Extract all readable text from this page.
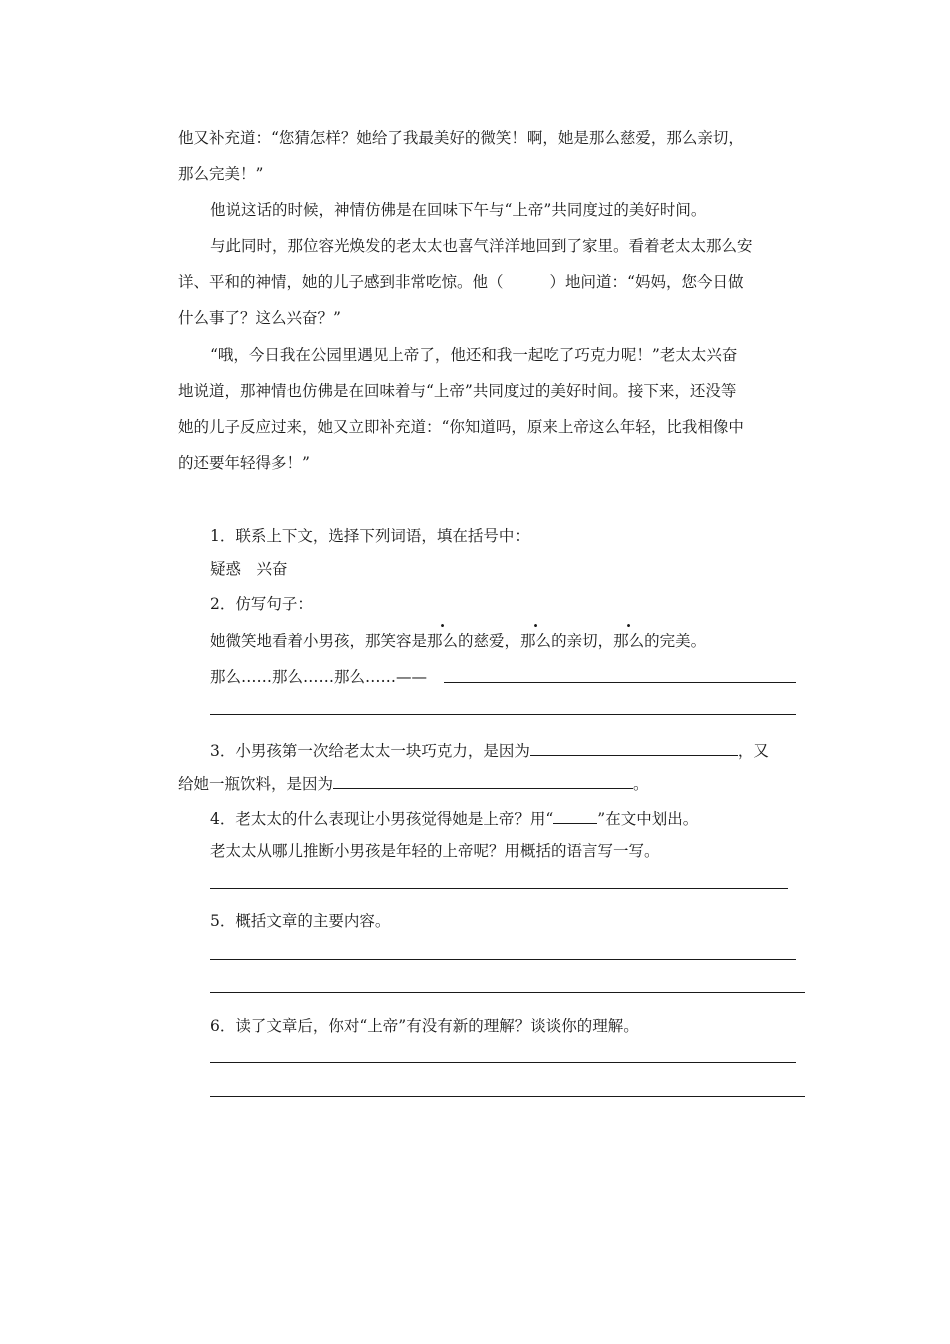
他又补充道：“您猜怎样？她给了我最美好的微笑！啊，她是那么慈爱，那么亲切，
那么完美！”
他说这话的时候，神情仿佛是在回味下午与“上帝”共同度过的美好时间。
与此同时，那位容光焕发的老太太也喜气洋洋地回到了家里。看着老太太那么安
详、平和的神情，她的儿子感到非常吃惊。他（	）地问道：“妈妈，您今日做
什么事了？这么兴奋？”
“哦，今日我在公园里遇见上帝了，他还和我一起吃了巧克力呢！”老太太兴奋
地说道，那神情也仿佛是在回味着与“上帝”共同度过的美好时间。接下来，还没等
她的儿子反应过来，她又立即补充道：“你知道吗，原来上帝这么年轻，比我相像中
的还要年轻得多！”
1．联系上下文，选择下列词语，填在括号中：
疑惑　兴奋
2．仿写句子：
她微笑地看着小男孩，那笑容是那么的慈爱，那么的亲切，那么的完美。
那么……那么……那么……——
3．小男孩第一次给老太太一块巧克力，是因为	，又
给她一瓶饮料，是因为	。
4．老太太的什么表现让小男孩觉得她是上帝？用“	”在文中划出。
老太太从哪儿推断小男孩是年轻的上帝呢？用概括的语言写一写。
5．概括文章的主要内容。
6．读了文章后，你对“上帝”有没有新的理解？谈谈你的理解。
